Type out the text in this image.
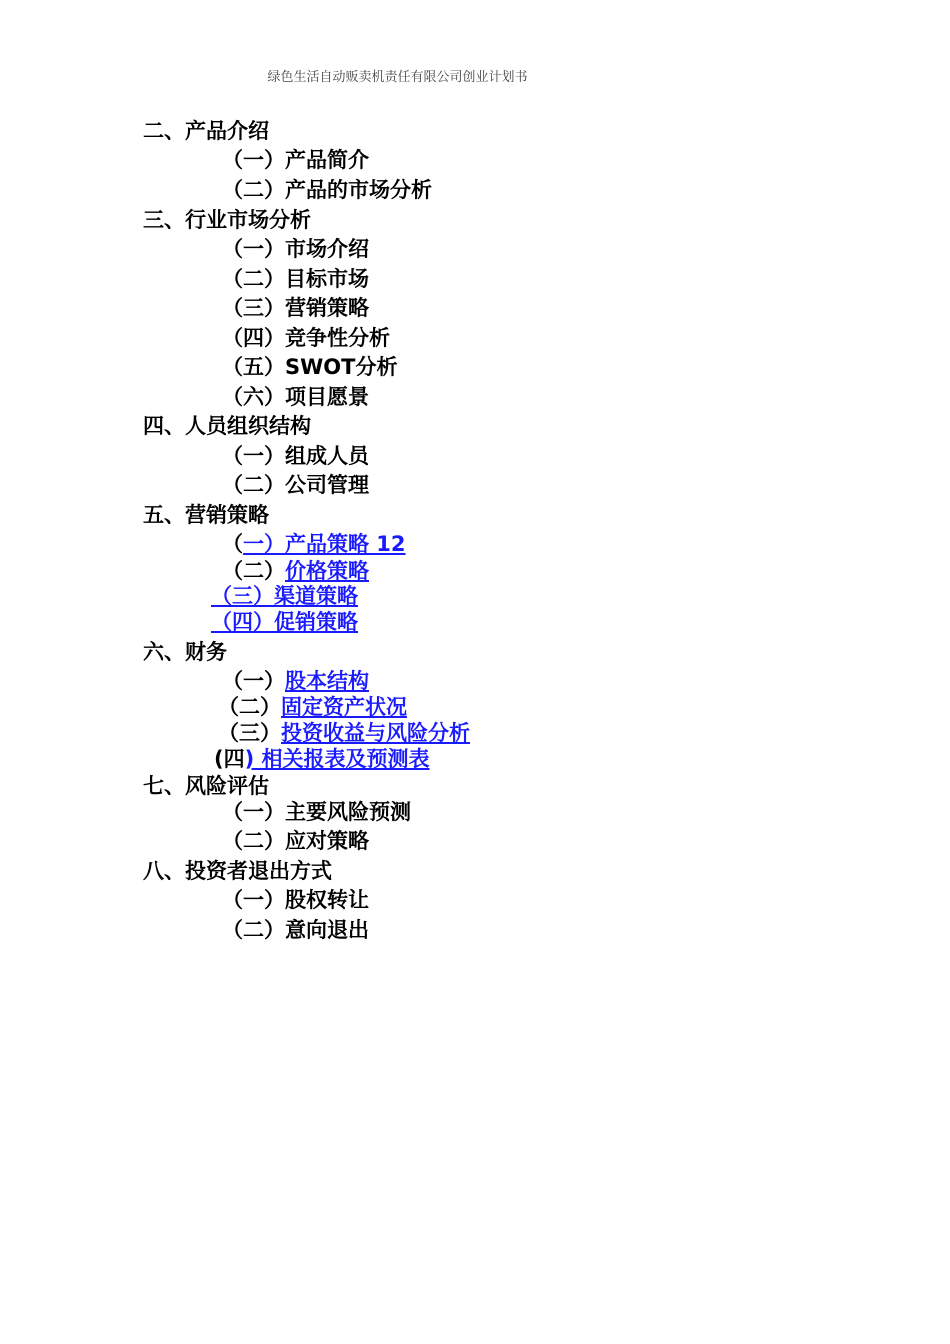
绿色生活自动贩卖机责任有限公司创业计划书
二、产品介绍
（一）产品简介
（二）产品的市场分析
三、行业市场分析
（一）市场介绍
（二）目标市场
（三）营销策略
（四）竞争性分析
（五）SWOT分析
（六）项目愿景
四、人员组织结构
（一）组成人员
（二）公司管理
五、营销策略
（一）产品策略 12
（二）价格策略
（三）渠道策略
（四）促销策略
六、财务
（一）股本结构
（二）固定资产状况
（三）投资收益与风险分析
(四) 相关报表及预测表
七、风险评估
（一）主要风险预测
（二）应对策略
八、投资者退出方式
（一）股权转让
（二）意向退出
